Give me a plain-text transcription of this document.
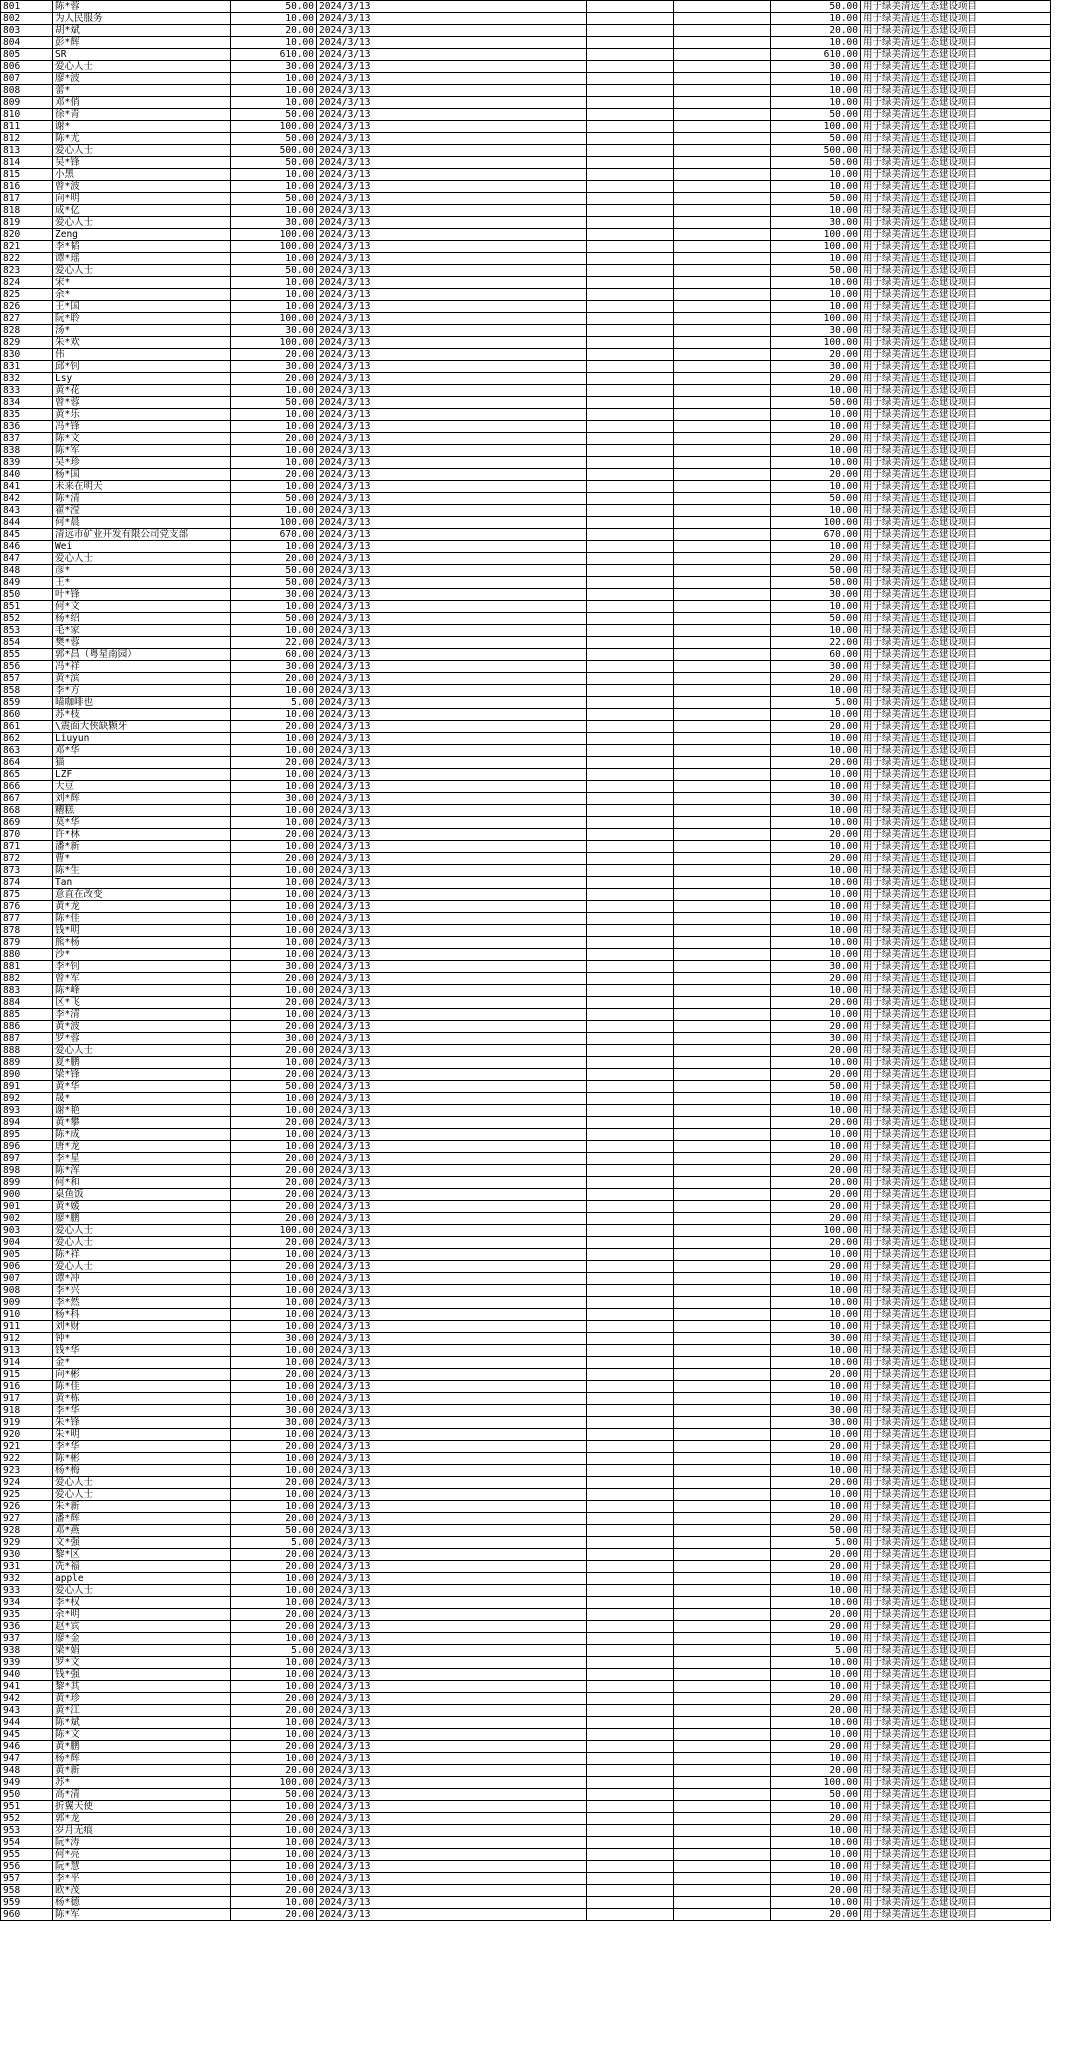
801	陈*蓉	50.00	2024/3/13			50.00	用于绿美清远生态建设项目
802	为人民服务	10.00	2024/3/13			10.00	用于绿美清远生态建设项目
803	胡*斌	20.00	2024/3/13			20.00	用于绿美清远生态建设项目
804	彭*辉	10.00	2024/3/13			10.00	用于绿美清远生态建设项目
805	SR	610.00	2024/3/13			610.00	用于绿美清远生态建设项目
806	爱心人士	30.00	2024/3/13			30.00	用于绿美清远生态建设项目
807	廖*波	10.00	2024/3/13			10.00	用于绿美清远生态建设项目
808	蕾*	10.00	2024/3/13			10.00	用于绿美清远生态建设项目
809	邓*俏	10.00	2024/3/13			10.00	用于绿美清远生态建设项目
810	徐*青	50.00	2024/3/13			50.00	用于绿美清远生态建设项目
811	谢*	100.00	2024/3/13			100.00	用于绿美清远生态建设项目
812	陈*尤	50.00	2024/3/13			50.00	用于绿美清远生态建设项目
813	爱心人士	500.00	2024/3/13			500.00	用于绿美清远生态建设项目
814	吴*锋	50.00	2024/3/13			50.00	用于绿美清远生态建设项目
815	小黑	10.00	2024/3/13			10.00	用于绿美清远生态建设项目
816	曾*波	10.00	2024/3/13			10.00	用于绿美清远生态建设项目
817	向*明	50.00	2024/3/13			50.00	用于绿美清远生态建设项目
818	成*亿	10.00	2024/3/13			10.00	用于绿美清远生态建设项目
819	爱心人士	30.00	2024/3/13			30.00	用于绿美清远生态建设项目
820	Zeng	100.00	2024/3/13			100.00	用于绿美清远生态建设项目
821	李*韬	100.00	2024/3/13			100.00	用于绿美清远生态建设项目
822	谭*瑶	10.00	2024/3/13			10.00	用于绿美清远生态建设项目
823	爱心人士	50.00	2024/3/13			50.00	用于绿美清远生态建设项目
824	宋*	10.00	2024/3/13			10.00	用于绿美清远生态建设项目
825	余*	10.00	2024/3/13			10.00	用于绿美清远生态建设项目
826	王*国	10.00	2024/3/13			10.00	用于绿美清远生态建设项目
827	阮*聆	100.00	2024/3/13			100.00	用于绿美清远生态建设项目
828	汤*	30.00	2024/3/13			30.00	用于绿美清远生态建设项目
829	朱*欢	100.00	2024/3/13			100.00	用于绿美清远生态建设项目
830	伟	20.00	2024/3/13			20.00	用于绿美清远生态建设项目
831	邱*钊	30.00	2024/3/13			30.00	用于绿美清远生态建设项目
832	Lsy	20.00	2024/3/13			20.00	用于绿美清远生态建设项目
833	黄*花	10.00	2024/3/13			10.00	用于绿美清远生态建设项目
834	曾*蓉	50.00	2024/3/13			50.00	用于绿美清远生态建设项目
835	黄*乐	10.00	2024/3/13			10.00	用于绿美清远生态建设项目
836	冯*锋	10.00	2024/3/13			10.00	用于绿美清远生态建设项目
837	陈*文	20.00	2024/3/13			20.00	用于绿美清远生态建设项目
838	陈*军	10.00	2024/3/13			10.00	用于绿美清远生态建设项目
839	吴*珍	10.00	2024/3/13			10.00	用于绿美清远生态建设项目
840	杨*国	20.00	2024/3/13			20.00	用于绿美清远生态建设项目
841	未来在明天	10.00	2024/3/13			10.00	用于绿美清远生态建设项目
842	陈*清	50.00	2024/3/13			50.00	用于绿美清远生态建设项目
843	翟*滢	10.00	2024/3/13			10.00	用于绿美清远生态建设项目
844	何*晨	100.00	2024/3/13			100.00	用于绿美清远生态建设项目
845	清远市矿业开发有限公司党支部	670.00	2024/3/13			670.00	用于绿美清远生态建设项目
846	Wei	10.00	2024/3/13			10.00	用于绿美清远生态建设项目
847	爱心人士	20.00	2024/3/13			20.00	用于绿美清远生态建设项目
848	彦*	50.00	2024/3/13			50.00	用于绿美清远生态建设项目
849	王*	50.00	2024/3/13			50.00	用于绿美清远生态建设项目
850	叶*锋	30.00	2024/3/13			30.00	用于绿美清远生态建设项目
851	何*文	10.00	2024/3/13			10.00	用于绿美清远生态建设项目
852	杨*绍	50.00	2024/3/13			50.00	用于绿美清远生态建设项目
853	毛*家	10.00	2024/3/13			10.00	用于绿美清远生态建设项目
854	樊*蓉	22.00	2024/3/13			22.00	用于绿美清远生态建设项目
855	郭*昌（粤星南园）	60.00	2024/3/13			60.00	用于绿美清远生态建设项目
856	冯*祥	30.00	2024/3/13			30.00	用于绿美清远生态建设项目
857	黄*滨	20.00	2024/3/13			20.00	用于绿美清远生态建设项目
858	李*方	10.00	2024/3/13			10.00	用于绿美清远生态建设项目
859	喵咖啡也	5.00	2024/3/13			5.00	用于绿美清远生态建设项目
860	苏*枝	10.00	2024/3/13			10.00	用于绿美清远生态建设项目
861	\震面大侠缺颗牙	20.00	2024/3/13			20.00	用于绿美清远生态建设项目
862	Liuyun	10.00	2024/3/13			10.00	用于绿美清远生态建设项目
863	邓*华	10.00	2024/3/13			10.00	用于绿美清远生态建设项目
864	猫	20.00	2024/3/13			20.00	用于绿美清远生态建设项目
865	LZF	10.00	2024/3/13			10.00	用于绿美清远生态建设项目
866	大豆	10.00	2024/3/13			10.00	用于绿美清远生态建设项目
867	刘*辉	30.00	2024/3/13			30.00	用于绿美清远生态建设项目
868	糟糕	10.00	2024/3/13			10.00	用于绿美清远生态建设项目
869	莫*华	10.00	2024/3/13			10.00	用于绿美清远生态建设项目
870	许*林	20.00	2024/3/13			20.00	用于绿美清远生态建设项目
871	潘*新	10.00	2024/3/13			10.00	用于绿美清远生态建设项目
872	曹*	20.00	2024/3/13			20.00	用于绿美清远生态建设项目
873	陈*生	10.00	2024/3/13			10.00	用于绿美清远生态建设项目
874	Tan	10.00	2024/3/13			10.00	用于绿美清远生态建设项目
875	意直在改变	10.00	2024/3/13			10.00	用于绿美清远生态建设项目
876	黄*龙	10.00	2024/3/13			10.00	用于绿美清远生态建设项目
877	陈*佳	10.00	2024/3/13			10.00	用于绿美清远生态建设项目
878	钱*明	10.00	2024/3/13			10.00	用于绿美清远生态建设项目
879	熊*杨	10.00	2024/3/13			10.00	用于绿美清远生态建设项目
880	沙*	10.00	2024/3/13			10.00	用于绿美清远生态建设项目
881	李*钊	30.00	2024/3/13			30.00	用于绿美清远生态建设项目
882	曾*军	20.00	2024/3/13			20.00	用于绿美清远生态建设项目
883	陈*峰	10.00	2024/3/13			10.00	用于绿美清远生态建设项目
884	区*飞	20.00	2024/3/13			20.00	用于绿美清远生态建设项目
885	李*清	10.00	2024/3/13			10.00	用于绿美清远生态建设项目
886	黄*波	20.00	2024/3/13			20.00	用于绿美清远生态建设项目
887	罗*蓉	30.00	2024/3/13			30.00	用于绿美清远生态建设项目
888	爱心人士	20.00	2024/3/13			20.00	用于绿美清远生态建设项目
889	夏*鹏	10.00	2024/3/13			10.00	用于绿美清远生态建设项目
890	梁*锋	20.00	2024/3/13			20.00	用于绿美清远生态建设项目
891	黄*华	50.00	2024/3/13			50.00	用于绿美清远生态建设项目
892	晟*	10.00	2024/3/13			10.00	用于绿美清远生态建设项目
893	谢*艳	10.00	2024/3/13			10.00	用于绿美清远生态建设项目
894	黄*攀	20.00	2024/3/13			20.00	用于绿美清远生态建设项目
895	陈*成	10.00	2024/3/13			10.00	用于绿美清远生态建设项目
896	唐*龙	10.00	2024/3/13			10.00	用于绿美清远生态建设项目
897	李*星	20.00	2024/3/13			20.00	用于绿美清远生态建设项目
898	陈*浑	20.00	2024/3/13			20.00	用于绿美清远生态建设项目
899	何*和	20.00	2024/3/13			20.00	用于绿美清远生态建设项目
900	桌鱼饭	20.00	2024/3/13			20.00	用于绿美清远生态建设项目
901	黄*媛	20.00	2024/3/13			20.00	用于绿美清远生态建设项目
902	廖*鹏	20.00	2024/3/13			20.00	用于绿美清远生态建设项目
903	爱心人士	100.00	2024/3/13			100.00	用于绿美清远生态建设项目
904	爱心人士	20.00	2024/3/13			20.00	用于绿美清远生态建设项目
905	陈*祥	10.00	2024/3/13			10.00	用于绿美清远生态建设项目
906	爱心人士	20.00	2024/3/13			20.00	用于绿美清远生态建设项目
907	谭*冲	10.00	2024/3/13			10.00	用于绿美清远生态建设项目
908	李*兴	10.00	2024/3/13			10.00	用于绿美清远生态建设项目
909	李*然	10.00	2024/3/13			10.00	用于绿美清远生态建设项目
910	杨*科	10.00	2024/3/13			10.00	用于绿美清远生态建设项目
911	刘*财	10.00	2024/3/13			10.00	用于绿美清远生态建设项目
912	钟*	30.00	2024/3/13			30.00	用于绿美清远生态建设项目
913	钱*华	10.00	2024/3/13			10.00	用于绿美清远生态建设项目
914	金*	10.00	2024/3/13			10.00	用于绿美清远生态建设项目
915	向*彬	20.00	2024/3/13			20.00	用于绿美清远生态建设项目
916	陈*佳	10.00	2024/3/13			10.00	用于绿美清远生态建设项目
917	黄*栋	10.00	2024/3/13			10.00	用于绿美清远生态建设项目
918	李*华	30.00	2024/3/13			30.00	用于绿美清远生态建设项目
919	朱*锋	30.00	2024/3/13			30.00	用于绿美清远生态建设项目
920	朱*明	10.00	2024/3/13			10.00	用于绿美清远生态建设项目
921	李*华	20.00	2024/3/13			20.00	用于绿美清远生态建设项目
922	陈*彬	10.00	2024/3/13			10.00	用于绿美清远生态建设项目
923	杨*梅	10.00	2024/3/13			10.00	用于绿美清远生态建设项目
924	爱心人士	20.00	2024/3/13			20.00	用于绿美清远生态建设项目
925	爱心人士	10.00	2024/3/13			10.00	用于绿美清远生态建设项目
926	朱*新	10.00	2024/3/13			10.00	用于绿美清远生态建设项目
927	潘*辉	20.00	2024/3/13			20.00	用于绿美清远生态建设项目
928	邓*燕	50.00	2024/3/13			50.00	用于绿美清远生态建设项目
929	文*强	5.00	2024/3/13			5.00	用于绿美清远生态建设项目
930	黎*区	20.00	2024/3/13			20.00	用于绿美清远生态建设项目
931	冼*福	20.00	2024/3/13			20.00	用于绿美清远生态建设项目
932	apple	10.00	2024/3/13			10.00	用于绿美清远生态建设项目
933	爱心人士	10.00	2024/3/13			10.00	用于绿美清远生态建设项目
934	李*权	10.00	2024/3/13			10.00	用于绿美清远生态建设项目
935	余*明	20.00	2024/3/13			20.00	用于绿美清远生态建设项目
936	赵*宾	20.00	2024/3/13			20.00	用于绿美清远生态建设项目
937	廖*金	10.00	2024/3/13			10.00	用于绿美清远生态建设项目
938	梁*娟	5.00	2024/3/13			5.00	用于绿美清远生态建设项目
939	罗*文	10.00	2024/3/13			10.00	用于绿美清远生态建设项目
940	钱*强	10.00	2024/3/13			10.00	用于绿美清远生态建设项目
941	黎*其	10.00	2024/3/13			10.00	用于绿美清远生态建设项目
942	黄*珍	20.00	2024/3/13			20.00	用于绿美清远生态建设项目
943	黄*江	20.00	2024/3/13			20.00	用于绿美清远生态建设项目
944	陈*斌	10.00	2024/3/13			10.00	用于绿美清远生态建设项目
945	陈*文	10.00	2024/3/13			10.00	用于绿美清远生态建设项目
946	黄*鹏	20.00	2024/3/13			20.00	用于绿美清远生态建设项目
947	杨*辉	10.00	2024/3/13			10.00	用于绿美清远生态建设项目
948	黄*新	20.00	2024/3/13			20.00	用于绿美清远生态建设项目
949	苏*	100.00	2024/3/13			100.00	用于绿美清远生态建设项目
950	高*清	50.00	2024/3/13			50.00	用于绿美清远生态建设项目
951	折翼天使	10.00	2024/3/13			10.00	用于绿美清远生态建设项目
952	郭*龙	20.00	2024/3/13			20.00	用于绿美清远生态建设项目
953	岁月无痕	10.00	2024/3/13			10.00	用于绿美清远生态建设项目
954	阮*涛	10.00	2024/3/13			10.00	用于绿美清远生态建设项目
955	何*亮	10.00	2024/3/13			10.00	用于绿美清远生态建设项目
956	阮*慧	10.00	2024/3/13			10.00	用于绿美清远生态建设项目
957	李*平	10.00	2024/3/13			10.00	用于绿美清远生态建设项目
958	欧*茂	20.00	2024/3/13			20.00	用于绿美清远生态建设项目
959	杨*德	10.00	2024/3/13			10.00	用于绿美清远生态建设项目
960	陈*军	20.00	2024/3/13			20.00	用于绿美清远生态建设项目
